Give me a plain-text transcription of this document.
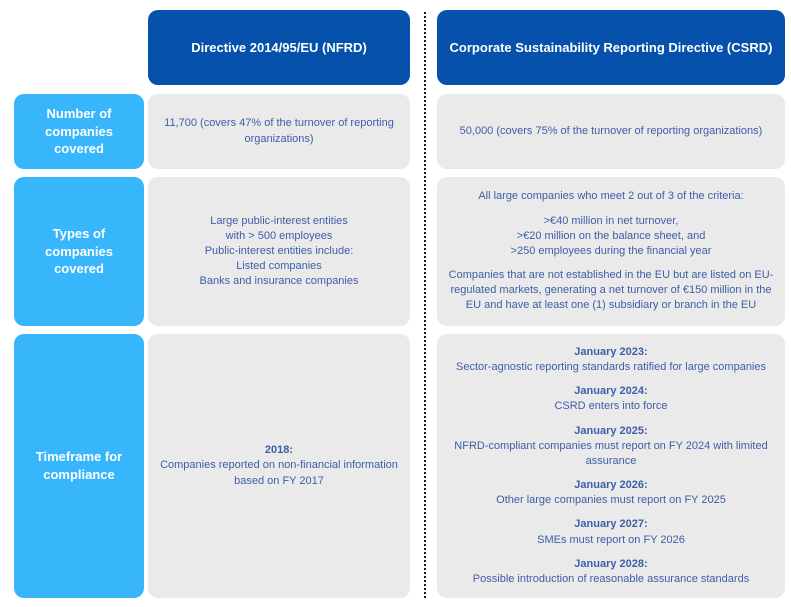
Directive 2014/95/EU (NFRD)	Corporate Sustainability Reporting Directive (CSRD)
Number of companies covered
11,700 (covers 47% of the turnover of reporting organizations)
50,000 (covers 75% of the turnover of reporting organizations)
Types of companies covered
Large public-interest entities
with > 500 employees
Public-interest entities include:
Listed companies
Banks and insurance companies
All large companies who meet 2 out of 3 of the criteria:
>€40 million in net turnover,
>€20 million on the balance sheet, and
>250 employees during the financial year
Companies that are not established in the EU but are listed on EU-regulated markets, generating a net turnover of €150 million in the EU and have at least one (1) subsidiary or branch in the EU
Timeframe for compliance
2018:
Companies reported on non-financial information based on FY 2017
January 2023:
Sector-agnostic reporting standards ratified for large companies
January 2024:
CSRD enters into force
January 2025:
NFRD-compliant companies must report on FY 2024 with limited assurance
January 2026:
Other large companies must report on FY 2025
January 2027:
SMEs must report on FY 2026
January 2028:
Possible introduction of reasonable assurance standards
